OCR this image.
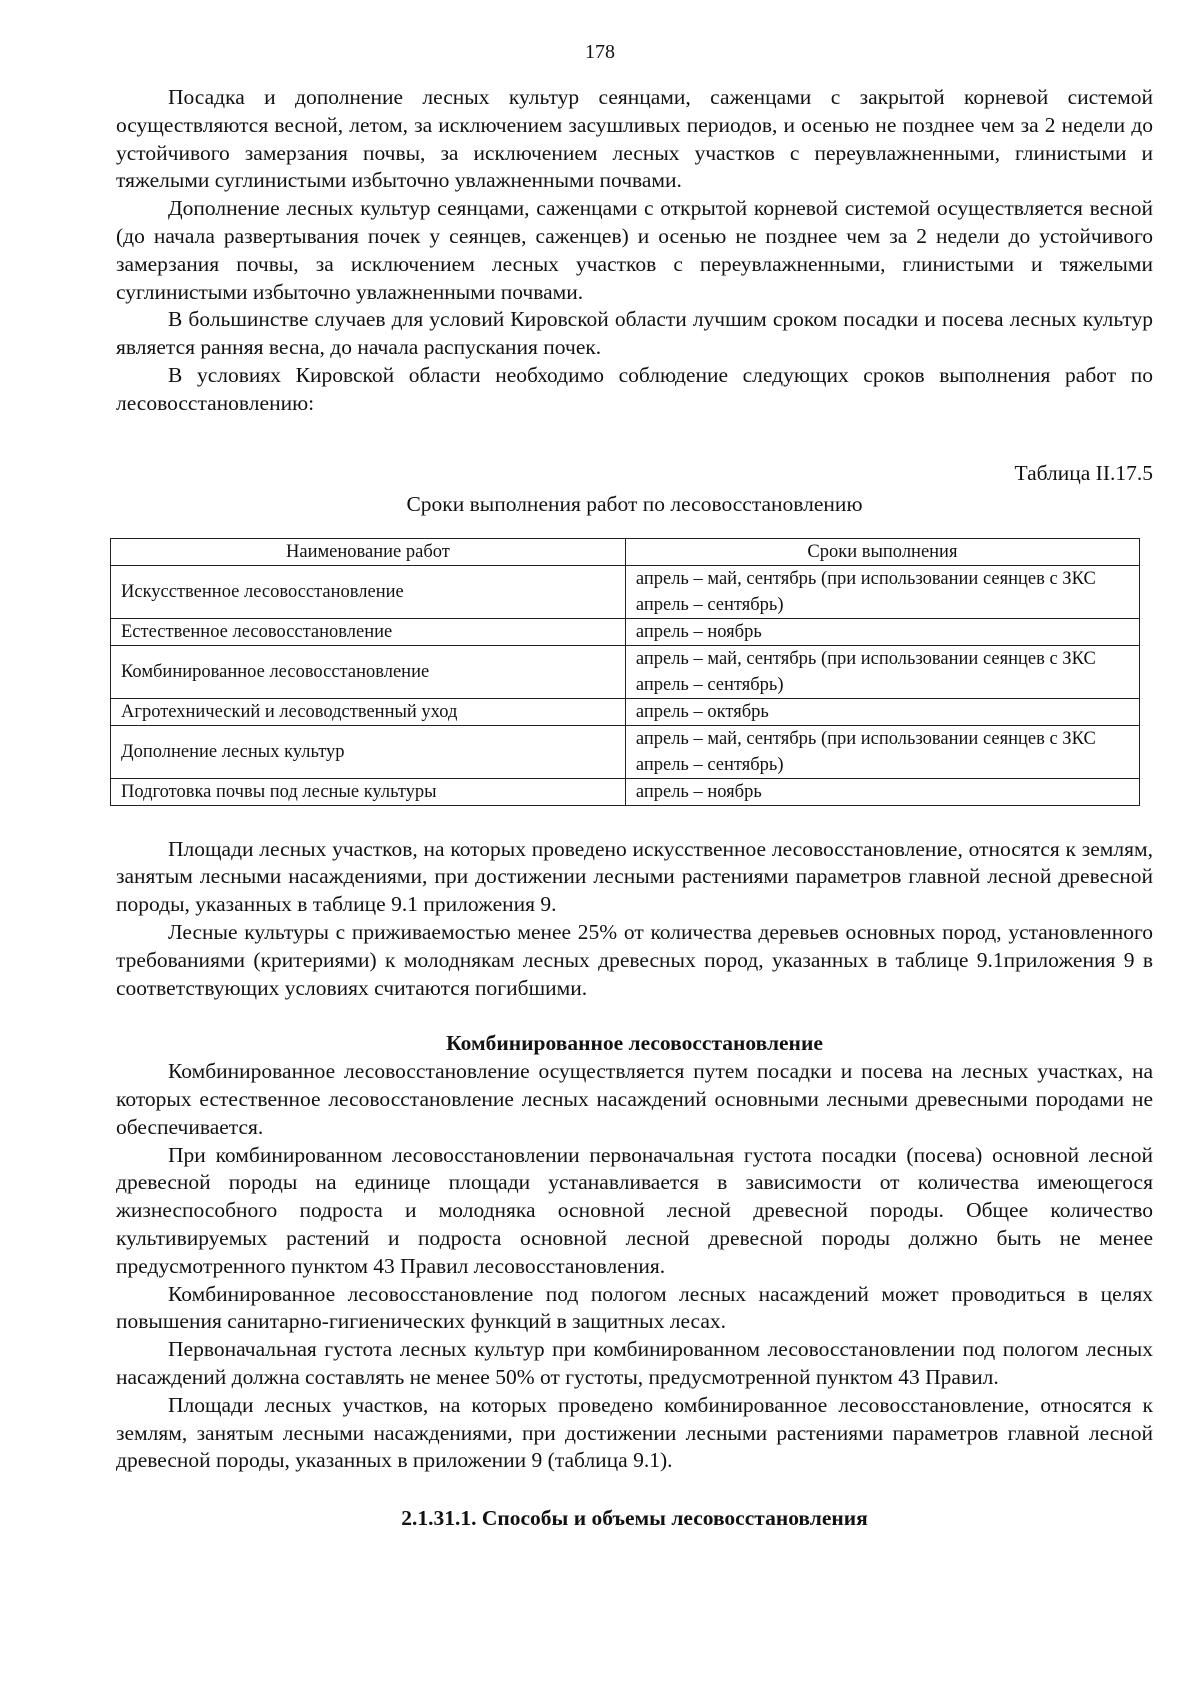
178

Посадка и дополнение лесных культур сеянцами, саженцами с закрытой корневой системой осуществляются весной, летом, за исключением засушливых периодов, и осенью не позднее чем за 2 недели до устойчивого замерзания почвы, за исключением лесных участков с переувлажненными, глинистыми и тяжелыми суглинистыми избыточно увлажненными почвами.

Дополнение лесных культур сеянцами, саженцами с открытой корневой системой осуществляется весной (до начала развертывания почек у сеянцев, саженцев) и осенью не позднее чем за 2 недели до устойчивого замерзания почвы, за исключением лесных участков с переувлажненными, глинистыми и тяжелыми суглинистыми избыточно увлажненными почвами.

В большинстве случаев для условий Кировской области лучшим сроком посадки и посева лесных культур является ранняя весна, до начала распускания почек.

В условиях Кировской области необходимо соблюдение следующих сроков выполнения работ по лесовосстановлению:

Таблица II.17.5
Сроки выполнения работ по лесовосстановлению
Наименование работ	Сроки выполнения
Искусственное лесовосстановление	апрель – май, сентябрь (при использовании сеянцев с ЗКС апрель – сентябрь)
Естественное лесовосстановление	апрель – ноябрь
Комбинированное лесовосстановление	апрель – май, сентябрь (при использовании сеянцев с ЗКС апрель – сентябрь)
Агротехнический и лесоводственный уход	апрель – октябрь
Дополнение лесных культур	апрель – май, сентябрь (при использовании сеянцев с ЗКС апрель – сентябрь)
Подготовка почвы под лесные культуры	апрель – ноябрь

Площади лесных участков, на которых проведено искусственное лесовосстановление, относятся к землям, занятым лесными насаждениями, при достижении лесными растениями параметров главной лесной древесной породы, указанных в таблице 9.1 приложения 9.

Лесные культуры с приживаемостью менее 25% от количества деревьев основных пород, установленного требованиями (критериями) к молоднякам лесных древесных пород, указанных в таблице 9.1приложения 9 в соответствующих условиях считаются погибшими.

Комбинированное лесовосстановление

Комбинированное лесовосстановление осуществляется путем посадки и посева на лесных участках, на которых естественное лесовосстановление лесных насаждений основными лесными древесными породами не обеспечивается.

При комбинированном лесовосстановлении первоначальная густота посадки (посева) основной лесной древесной породы на единице площади устанавливается в зависимости от количества имеющегося жизнеспособного подроста и молодняка основной лесной древесной породы. Общее количество культивируемых растений и подроста основной лесной древесной породы должно быть не менее предусмотренного пунктом 43 Правил лесовосстановления.

Комбинированное лесовосстановление под пологом лесных насаждений может проводиться в целях повышения санитарно-гигиенических функций в защитных лесах.

Первоначальная густота лесных культур при комбинированном лесовосстановлении под пологом лесных насаждений должна составлять не менее 50% от густоты, предусмотренной пунктом 43 Правил.

Площади лесных участков, на которых проведено комбинированное лесовосстановление, относятся к землям, занятым лесными насаждениями, при достижении лесными растениями параметров главной лесной древесной породы, указанных в приложении 9 (таблица 9.1).

2.1.31.1. Способы и объемы лесовосстановления
